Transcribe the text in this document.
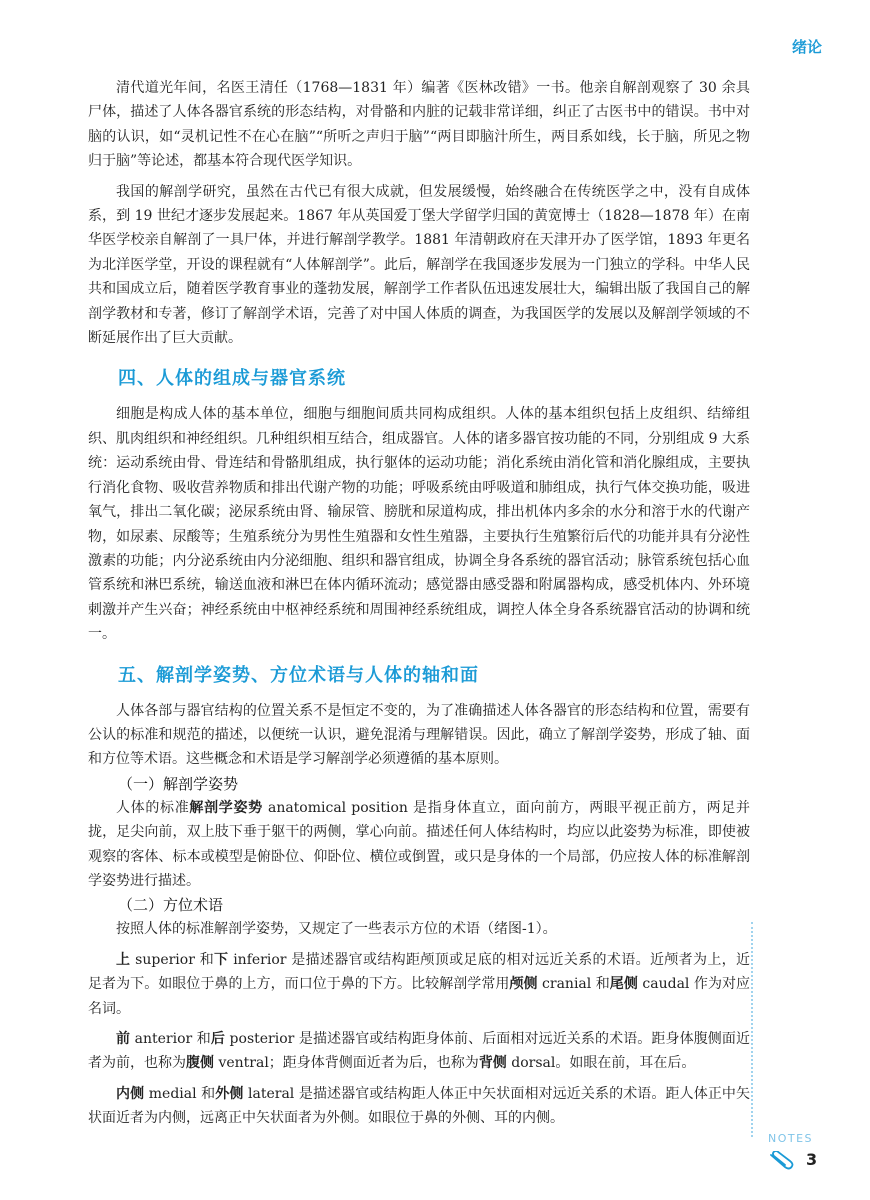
绪论

清代道光年间，名医王清任（1768—1831 年）编著《医林改错》一书。他亲自解剖观察了 30 余具尸体，描述了人体各器官系统的形态结构，对骨骼和内脏的记载非常详细，纠正了古医书中的错误。书中对脑的认识，如“灵机记性不在心在脑”“所听之声归于脑”“两目即脑汁所生，两目系如线，长于脑，所见之物归于脑”等论述，都基本符合现代医学知识。

我国的解剖学研究，虽然在古代已有很大成就，但发展缓慢，始终融合在传统医学之中，没有自成体系，到 19 世纪才逐步发展起来。1867 年从英国爱丁堡大学留学归国的黄宽博士（1828—1878 年）在南华医学校亲自解剖了一具尸体，并进行解剖学教学。1881 年清朝政府在天津开办了医学馆，1893 年更名为北洋医学堂，开设的课程就有“人体解剖学”。此后，解剖学在我国逐步发展为一门独立的学科。中华人民共和国成立后，随着医学教育事业的蓬勃发展，解剖学工作者队伍迅速发展壮大，编辑出版了我国自己的解剖学教材和专著，修订了解剖学术语，完善了对中国人体质的调查，为我国医学的发展以及解剖学领域的不断延展作出了巨大贡献。

四、人体的组成与器官系统

细胞是构成人体的基本单位，细胞与细胞间质共同构成组织。人体的基本组织包括上皮组织、结缔组织、肌肉组织和神经组织。几种组织相互结合，组成器官。人体的诸多器官按功能的不同，分别组成 9 大系统：运动系统由骨、骨连结和骨骼肌组成，执行躯体的运动功能；消化系统由消化管和消化腺组成，主要执行消化食物、吸收营养物质和排出代谢产物的功能；呼吸系统由呼吸道和肺组成，执行气体交换功能，吸进氧气，排出二氧化碳；泌尿系统由肾、输尿管、膀胱和尿道构成，排出机体内多余的水分和溶于水的代谢产物，如尿素、尿酸等；生殖系统分为男性生殖器和女性生殖器，主要执行生殖繁衍后代的功能并具有分泌性激素的功能；内分泌系统由内分泌细胞、组织和器官组成，协调全身各系统的器官活动；脉管系统包括心血管系统和淋巴系统，输送血液和淋巴在体内循环流动；感觉器由感受器和附属器构成，感受机体内、外环境刺激并产生兴奋；神经系统由中枢神经系统和周围神经系统组成，调控人体全身各系统器官活动的协调和统一。

五、解剖学姿势、方位术语与人体的轴和面

人体各部与器官结构的位置关系不是恒定不变的，为了准确描述人体各器官的形态结构和位置，需要有公认的标准和规范的描述，以便统一认识，避免混淆与理解错误。因此，确立了解剖学姿势，形成了轴、面和方位等术语。这些概念和术语是学习解剖学必须遵循的基本原则。

（一）解剖学姿势

人体的标准解剖学姿势 anatomical position 是指身体直立，面向前方，两眼平视正前方，两足并拢，足尖向前，双上肢下垂于躯干的两侧，掌心向前。描述任何人体结构时，均应以此姿势为标准，即使被观察的客体、标本或模型是俯卧位、仰卧位、横位或倒置，或只是身体的一个局部，仍应按人体的标准解剖学姿势进行描述。

（二）方位术语

按照人体的标准解剖学姿势，又规定了一些表示方位的术语（绪图-1）。

上 superior 和下 inferior 是描述器官或结构距颅顶或足底的相对远近关系的术语。近颅者为上，近足者为下。如眼位于鼻的上方，而口位于鼻的下方。比较解剖学常用颅侧 cranial 和尾侧 caudal 作为对应名词。

前 anterior 和后 posterior 是描述器官或结构距身体前、后面相对远近关系的术语。距身体腹侧面近者为前，也称为腹侧 ventral；距身体背侧面近者为后，也称为背侧 dorsal。如眼在前，耳在后。

内侧 medial 和外侧 lateral 是描述器官或结构距人体正中矢状面相对远近关系的术语。距人体正中矢状面近者为内侧，远离正中矢状面者为外侧。如眼位于鼻的外侧、耳的内侧。

NOTES
3
